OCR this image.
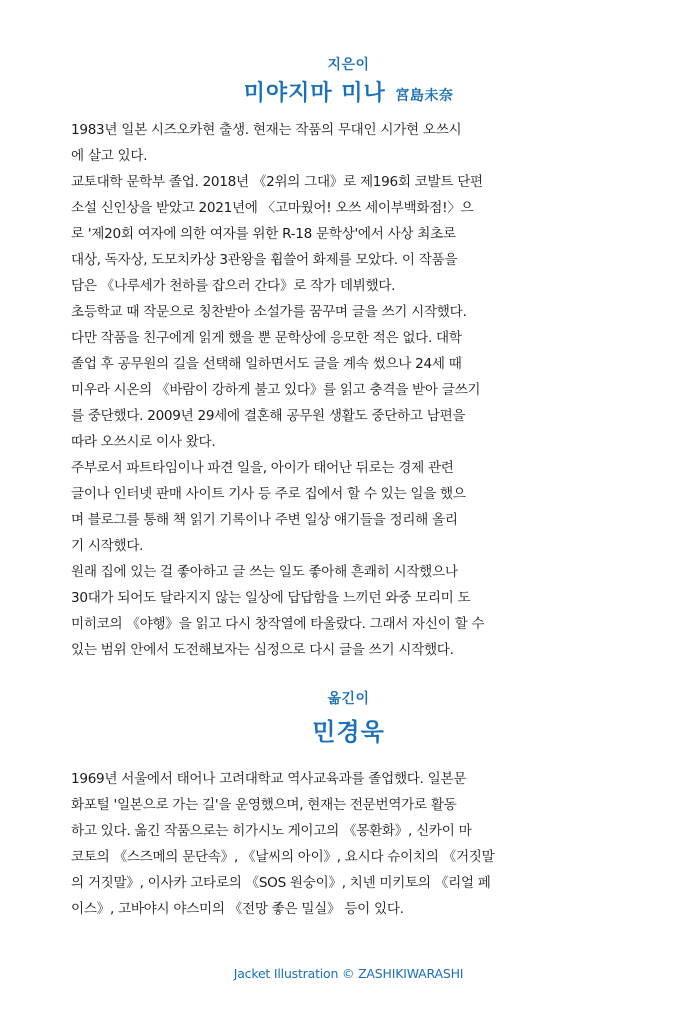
지은이
미야지마 미나 宮島未奈
1983년 일본 시즈오카현 출생. 현재는 작품의 무대인 시가현 오쓰시
에 살고 있다.
교토대학 문학부 졸업. 2018년 《2위의 그대》로 제196회 코발트 단편
소설 신인상을 받았고 2021년에 〈고마웠어! 오쓰 세이부백화점!〉으
로 '제20회 여자에 의한 여자를 위한 R-18 문학상'에서 사상 최초로
대상, 독자상, 도모치카상 3관왕을 휩쓸어 화제를 모았다. 이 작품을
담은 《나루세가 천하를 잡으러 간다》로 작가 데뷔했다.
초등학교 때 작문으로 칭찬받아 소설가를 꿈꾸며 글을 쓰기 시작했다.
다만 작품을 친구에게 읽게 했을 뿐 문학상에 응모한 적은 없다. 대학
졸업 후 공무원의 길을 선택해 일하면서도 글을 계속 썼으나 24세 때
미우라 시온의 《바람이 강하게 불고 있다》를 읽고 충격을 받아 글쓰기
를 중단했다. 2009년 29세에 결혼해 공무원 생활도 중단하고 남편을
따라 오쓰시로 이사 왔다.
주부로서 파트타임이나 파견 일을, 아이가 태어난 뒤로는 경제 관련
글이나 인터넷 판매 사이트 기사 등 주로 집에서 할 수 있는 일을 했으
며 블로그를 통해 책 읽기 기록이나 주변 일상 얘기들을 정리해 올리
기 시작했다.
원래 집에 있는 걸 좋아하고 글 쓰는 일도 좋아해 흔쾌히 시작했으나
30대가 되어도 달라지지 않는 일상에 답답함을 느끼던 와중 모리미 도
미히코의 《야행》을 읽고 다시 창작열에 타올랐다. 그래서 자신이 할 수
있는 범위 안에서 도전해보자는 심정으로 다시 글을 쓰기 시작했다.
옮긴이
민경욱
1969년 서울에서 태어나 고려대학교 역사교육과를 졸업했다. 일본문
화포털 '일본으로 가는 길'을 운영했으며, 현재는 전문번역가로 활동
하고 있다. 옮긴 작품으로는 히가시노 게이고의 《몽환화》, 신카이 마
코토의 《스즈메의 문단속》, 《날씨의 아이》, 요시다 슈이치의 《거짓말
의 거짓말》, 이사카 고타로의 《SOS 원숭이》, 치넨 미키토의 《리얼 페
이스》, 고바야시 야스미의 《전망 좋은 밀실》 등이 있다.
Jacket Illustration © ZASHIKIWARASHI
